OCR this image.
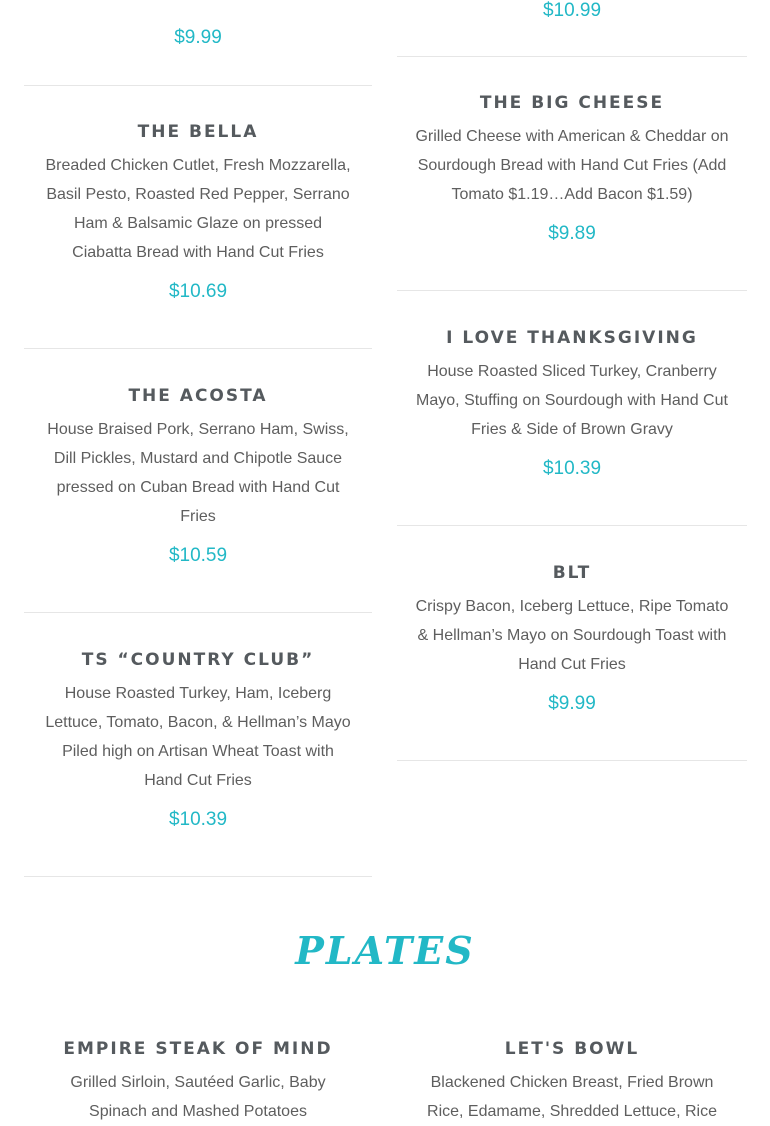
$9.99
THE BELLA
Breaded Chicken Cutlet, Fresh Mozzarella, Basil Pesto, Roasted Red Pepper, Serrano Ham & Balsamic Glaze on pressed Ciabatta Bread with Hand Cut Fries
$10.69
THE ACOSTA
House Braised Pork, Serrano Ham, Swiss, Dill Pickles, Mustard and Chipotle Sauce pressed on Cuban Bread with Hand Cut Fries
$10.59
TS “COUNTRY CLUB”
House Roasted Turkey, Ham, Iceberg Lettuce, Tomato, Bacon, & Hellman’s Mayo Piled high on Artisan Wheat Toast with Hand Cut Fries
$10.39
$10.99
THE BIG CHEESE
Grilled Cheese with American & Cheddar on Sourdough Bread with Hand Cut Fries (Add Tomato $1.19…Add Bacon $1.59)
$9.89
I LOVE THANKSGIVING
House Roasted Sliced Turkey, Cranberry Mayo, Stuffing on Sourdough with Hand Cut Fries & Side of Brown Gravy
$10.39
BLT
Crispy Bacon, Iceberg Lettuce, Ripe Tomato & Hellman’s Mayo on Sourdough Toast with Hand Cut Fries
$9.99
PLATES
EMPIRE STEAK OF MIND
Grilled Sirloin, Sautéed Garlic, Baby Spinach and Mashed Potatoes
LET'S BOWL
Blackened Chicken Breast, Fried Brown Rice, Edamame, Shredded Lettuce, Rice
